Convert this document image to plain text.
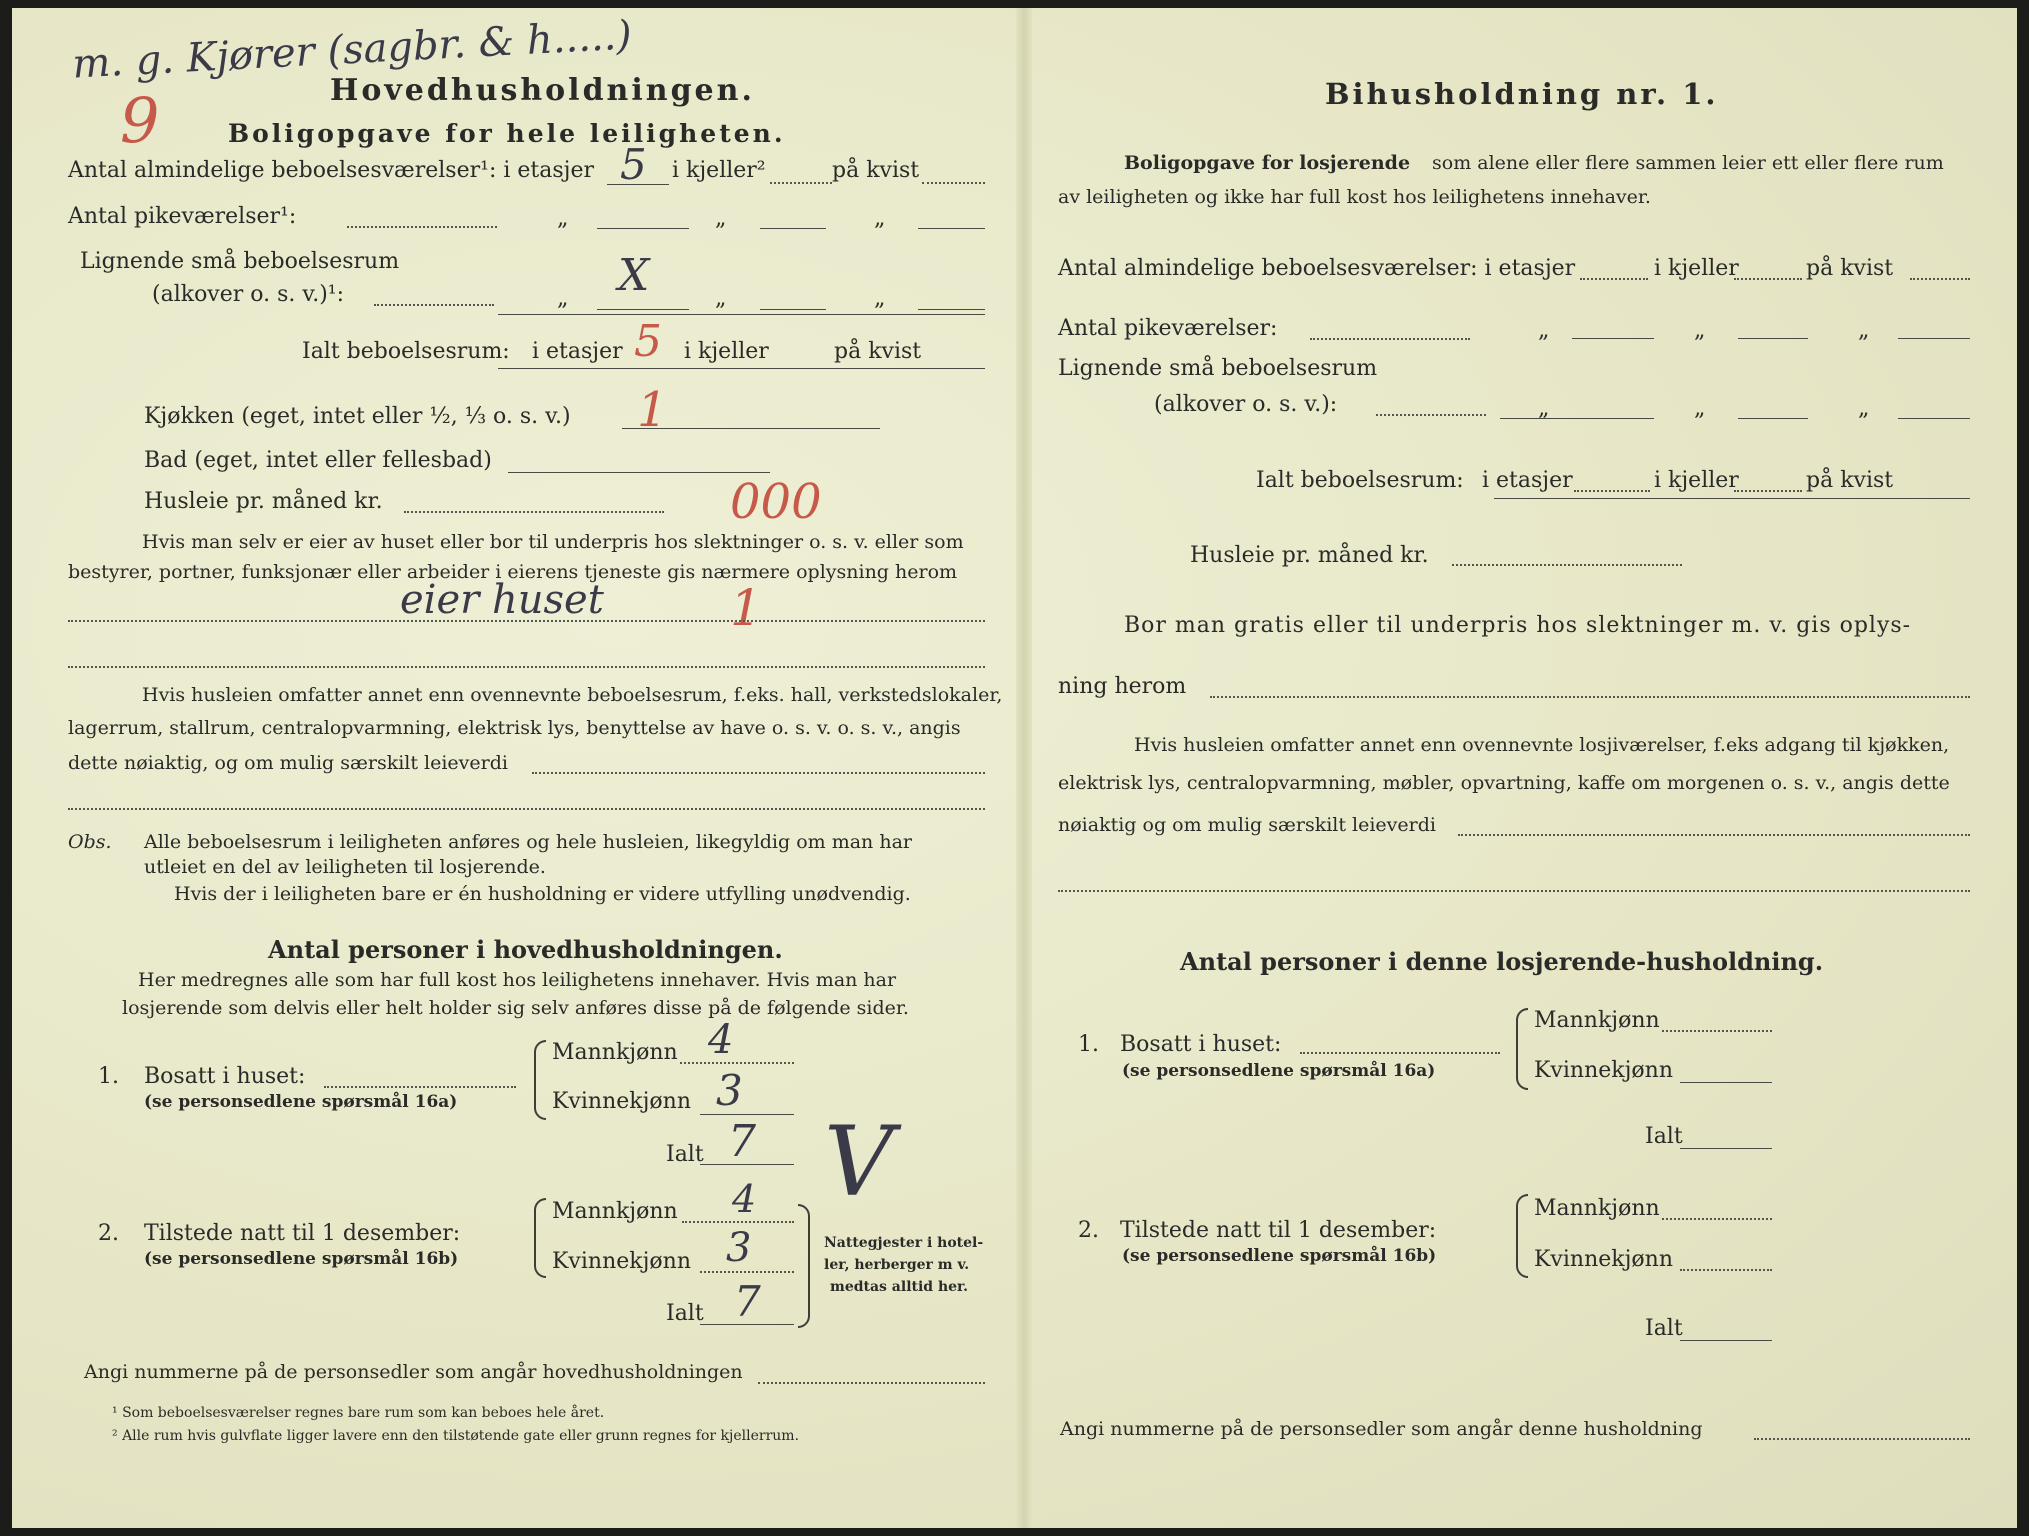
m. g. Kjører (sagbr. & h.....)
9	Hovedhusholdningen.
Boligopgave for hele leiligheten.
Antal almindelige beboelsesværelser¹: i etasjer 5 i kjeller²	på kvist
Antal pikeværelser¹:	„	„	„
Lignende små beboelsesrum
(alkover o. s. v.)¹:	„ X	„	„
Ialt beboelsesrum: i etasjer 5 i kjeller	på kvist
Kjøkken (eget, intet eller ½, ⅓ o. s. v.) 1
Bad (eget, intet eller fellesbad)
Husleie pr. måned kr.	000
Hvis man selv er eier av huset eller bor til underpris hos slektninger o. s. v. eller som
bestyrer, portner, funksjonær eller arbeider i eierens tjeneste gis nærmere oplysning herom
eier huset	1
Hvis husleien omfatter annet enn ovennevnte beboelsesrum, f.eks. hall, verkstedslokaler,
lagerrum, stallrum, centralopvarmning, elektrisk lys, benyttelse av have o. s. v. o. s. v., angis
dette nøiaktig, og om mulig særskilt leieverdi
Obs. Alle beboelsesrum i leiligheten anføres og hele husleien, likegyldig om man har
utleiet en del av leiligheten til losjerende.
Hvis der i leiligheten bare er én husholdning er videre utfylling unødvendig.
Antal personer i hovedhusholdningen.
Her medregnes alle som har full kost hos leilighetens innehaver. Hvis man har
losjerende som delvis eller helt holder sig selv anføres disse på de følgende sider.
1. Bosatt i huset:
(se personsedlene spørsmål 16a)
Mannkjønn 4
Kvinnekjønn 3
Ialt 7 V
2. Tilstede natt til 1 desember:
(se personsedlene spørsmål 16b)
Mannkjønn 4
Kvinnekjønn 3
Ialt 7
Nattegjester i hotel-
ler, herberger m v.
medtas alltid her.
Angi nummerne på de personsedler som angår hovedhusholdningen
¹ Som beboelsesværelser regnes bare rum som kan beboes hele året.
² Alle rum hvis gulvflate ligger lavere enn den tilstøtende gate eller grunn regnes for kjellerrum.
Bihusholdning nr. 1.
Boligopgave for losjerende som alene eller flere sammen leier ett eller flere rum
av leiligheten og ikke har full kost hos leilighetens innehaver.
Antal almindelige beboelsesværelser: i etasjer	i kjeller	på kvist
Antal pikeværelser:	„	„	„
Lignende små beboelsesrum
(alkover o. s. v.):	„	„	„
Ialt beboelsesrum: i etasjer	i kjeller	på kvist
Husleie pr. måned kr.
Bor man gratis eller til underpris hos slektninger m. v. gis oplys-
ning herom
Hvis husleien omfatter annet enn ovennevnte losjiværelser, f.eks adgang til kjøkken,
elektrisk lys, centralopvarmning, møbler, opvartning, kaffe om morgenen o. s. v., angis dette
nøiaktig og om mulig særskilt leieverdi
Antal personer i denne losjerende-husholdning.
1. Bosatt i huset:
(se personsedlene spørsmål 16a)
Mannkjønn
Kvinnekjønn
Ialt
2. Tilstede natt til 1 desember:
(se personsedlene spørsmål 16b)
Mannkjønn
Kvinnekjønn
Ialt
Angi nummerne på de personsedler som angår denne husholdning
